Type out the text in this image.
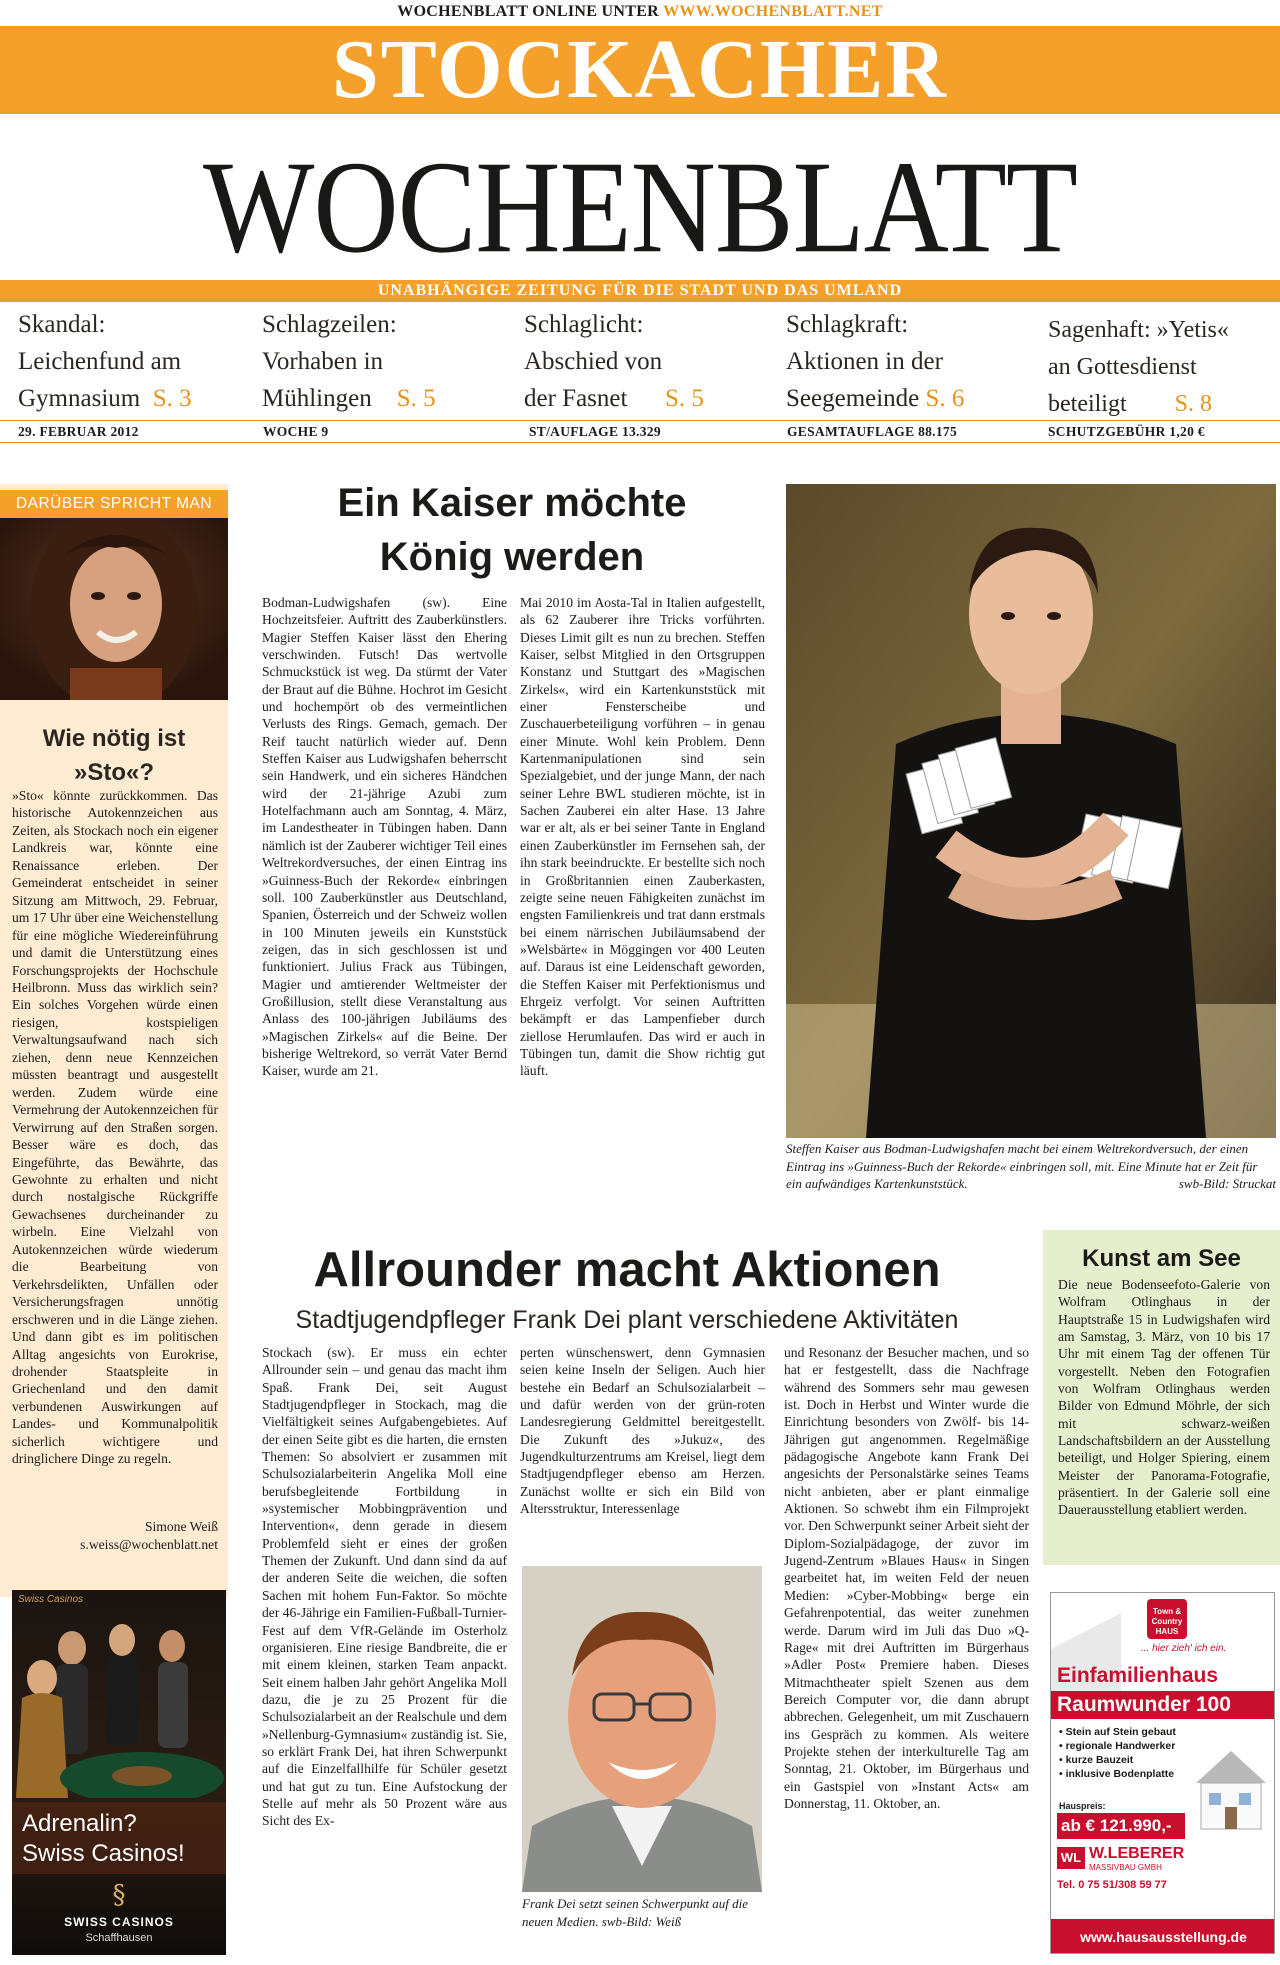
WOCHENBLATT ONLINE UNTER WWW.WOCHENBLATT.NET
STOCKACHER
WOCHENBLATT
UNABHÄNGIGE ZEITUNG FÜR DIE STADT UND DAS UMLAND
Skandal:
Leichenfund am
Gymnasium S. 3
Schlagzeilen:
Vorhaben in
Mühlingen S. 5
Schlaglicht:
Abschied von
der Fasnet S. 5
Schlagkraft:
Aktionen in der
Seegemeinde S. 6
Sagenhaft: »Yetis«
an Gottesdienst
beteiligt S. 8
29. FEBRUAR 2012	WOCHE 9	ST/AUFLAGE 13.329	GESAMTAUFLAGE 88.175	SCHUTZGEBÜHR 1,20 €
DARÜBER SPRICHT MAN
Wie nötig ist
»Sto«?
»Sto« könnte zurückkommen. Das historische Autokennzeichen aus Zeiten, als Stockach noch ein eigener Landkreis war, könnte eine Renaissance erleben. Der Gemeinderat entscheidet in seiner Sitzung am Mittwoch, 29. Februar, um 17 Uhr über eine Weichenstellung für eine mögliche Wiedereinführung und damit die Unterstützung eines Forschungsprojekts der Hochschule Heilbronn. Muss das wirklich sein? Ein solches Vorgehen würde einen riesigen, kostspieligen Verwaltungsaufwand nach sich ziehen, denn neue Kennzeichen müssten beantragt und ausgestellt werden. Zudem würde eine Vermehrung der Autokennzeichen für Verwirrung auf den Straßen sorgen. Besser wäre es doch, das Eingeführte, das Bewährte, das Gewohnte zu erhalten und nicht durch nostalgische Rückgriffe Gewachsenes durcheinander zu wirbeln. Eine Vielzahl von Autokennzeichen würde wiederum die Bearbeitung von Verkehrsdelikten, Unfällen oder Versicherungsfragen unnötig erschweren und in die Länge ziehen. Und dann gibt es im politischen Alltag angesichts von Eurokrise, drohender Staatspleite in Griechenland und den damit verbundenen Auswirkungen auf Landes- und Kommunalpolitik sicherlich wichtigere und dringlichere Dinge zu regeln.
Simone Weiß
s.weiss@wochenblatt.net
Swiss Casinos
Adrenalin?
Swiss Casinos!
§
SWISS CASINOS
Schaffhausen
Ein Kaiser möchte
König werden
Bodman-Ludwigshafen (sw). Eine Hochzeitsfeier. Auftritt des Zauberkünstlers. Magier Steffen Kaiser lässt den Ehering verschwinden. Futsch! Das wertvolle Schmuckstück ist weg. Da stürmt der Vater der Braut auf die Bühne. Hochrot im Gesicht und hochempört ob des vermeintlichen Verlusts des Rings. Gemach, gemach. Der Reif taucht natürlich wieder auf. Denn Steffen Kaiser aus Ludwigshafen beherrscht sein Handwerk, und ein sicheres Händchen wird der 21-jährige Azubi zum Hotelfachmann auch am Sonntag, 4. März, im Landestheater in Tübingen haben. Dann nämlich ist der Zauberer wichtiger Teil eines Weltrekordversuches, der einen Eintrag ins »Guinness-Buch der Rekorde« einbringen soll. 100 Zauberkünstler aus Deutschland, Spanien, Österreich und der Schweiz wollen in 100 Minuten jeweils ein Kunststück zeigen, das in sich geschlossen ist und funktioniert. Julius Frack aus Tübingen, Magier und amtierender Weltmeister der Großillusion, stellt diese Veranstaltung aus Anlass des 100-jährigen Jubiläums des »Magischen Zirkels« auf die Beine. Der bisherige Weltrekord, so verrät Vater Bernd Kaiser, wurde am 21.
Mai 2010 im Aosta-Tal in Italien aufgestellt, als 62 Zauberer ihre Tricks vorführten. Dieses Limit gilt es nun zu brechen. Steffen Kaiser, selbst Mitglied in den Ortsgruppen Konstanz und Stuttgart des »Magischen Zirkels«, wird ein Kartenkunststück mit einer Fensterscheibe und Zuschauerbeteiligung vorführen – in genau einer Minute. Wohl kein Problem. Denn Kartenmanipulationen sind sein Spezialgebiet, und der junge Mann, der nach seiner Lehre BWL studieren möchte, ist in Sachen Zauberei ein alter Hase. 13 Jahre war er alt, als er bei seiner Tante in England einen Zauberkünstler im Fernsehen sah, der ihn stark beeindruckte. Er bestellte sich noch in Großbritannien einen Zauberkasten, zeigte seine neuen Fähigkeiten zunächst im engsten Familienkreis und trat dann erstmals bei einem närrischen Jubiläumsabend der »Welsbärte« in Möggingen vor 400 Leuten auf. Daraus ist eine Leidenschaft geworden, die Steffen Kaiser mit Perfektionismus und Ehrgeiz verfolgt. Vor seinen Auftritten bekämpft er das Lampenfieber durch ziellose Herumlaufen. Das wird er auch in Tübingen tun, damit die Show richtig gut läuft.
Steffen Kaiser aus Bodman-Ludwigshafen macht bei einem Weltrekordversuch, der einen Eintrag ins »Guinness-Buch der Rekorde« einbringen soll, mit. Eine Minute hat er Zeit für ein aufwändiges Kartenkunststück.	swb-Bild: Struckat
Allrounder macht Aktionen
Stadtjugendpfleger Frank Dei plant verschiedene Aktivitäten
Stockach (sw). Er muss ein echter Allrounder sein – und genau das macht ihm Spaß. Frank Dei, seit August Stadtjugendpfleger in Stockach, mag die Vielfältigkeit seines Aufgabengebietes. Auf der einen Seite gibt es die harten, die ernsten Themen: So absolviert er zusammen mit Schulsozialarbeiterin Angelika Moll eine berufsbegleitende Fortbildung in »systemischer Mobbingprävention und Intervention«, denn gerade in diesem Problemfeld sieht er eines der großen Themen der Zukunft. Und dann sind da auf der anderen Seite die weichen, die soften Sachen mit hohem Fun-Faktor. So möchte der 46-Jährige ein Familien-Fußball-Turnier-Fest auf dem VfR-Gelände im Osterholz organisieren. Eine riesige Bandbreite, die er mit einem kleinen, starken Team anpackt. Seit einem halben Jahr gehört Angelika Moll dazu, die je zu 25 Prozent für die Schulsozialarbeit an der Realschule und dem »Nellenburg-Gymnasium« zuständig ist. Sie, so erklärt Frank Dei, hat ihren Schwerpunkt auf die Einzelfallhilfe für Schüler gesetzt und hat gut zu tun. Eine Aufstockung der Stelle auf mehr als 50 Prozent wäre aus Sicht des Ex-
perten wünschenswert, denn Gymnasien seien keine Inseln der Seligen. Auch hier bestehe ein Bedarf an Schulsozialarbeit – und dafür werden von der grün-roten Landesregierung Geldmittel bereitgestellt. Die Zukunft des »Jukuz«, des Jugendkulturzentrums am Kreisel, liegt dem Stadtjugendpfleger ebenso am Herzen. Zunächst wollte er sich ein Bild von Altersstruktur, Interessenlage
und Resonanz der Besucher machen, und so hat er festgestellt, dass die Nachfrage während des Sommers sehr mau gewesen ist. Doch in Herbst und Winter wurde die Einrichtung besonders von Zwölf- bis 14-Jährigen gut angenommen. Regelmäßige pädagogische Angebote kann Frank Dei angesichts der Personalstärke seines Teams nicht anbieten, aber er plant einmalige Aktionen. So schwebt ihm ein Filmprojekt vor. Den Schwerpunkt seiner Arbeit sieht der Diplom-Sozialpädagoge, der zuvor im Jugend-Zentrum »Blaues Haus« in Singen gearbeitet hat, im weiten Feld der neuen Medien: »Cyber-Mobbing« berge ein Gefahrenpotential, das weiter zunehmen werde. Darum wird im Juli das Duo »Q-Rage« mit drei Auftritten im Bürgerhaus »Adler Post« Premiere haben. Dieses Mitmachtheater spielt Szenen aus dem Bereich Computer vor, die dann abrupt abbrechen. Gelegenheit, um mit Zuschauern ins Gespräch zu kommen. Als weitere Projekte stehen der interkulturelle Tag am Sonntag, 21. Oktober, im Bürgerhaus und ein Gastspiel von »Instant Acts« am Donnerstag, 11. Oktober, an.
Frank Dei setzt seinen Schwerpunkt auf die neuen Medien. swb-Bild: Weiß
Kunst am See
Die neue Bodenseefoto-Galerie von Wolfram Otlinghaus in der Hauptstraße 15 in Ludwigshafen wird am Samstag, 3. März, von 10 bis 17 Uhr mit einem Tag der offenen Tür vorgestellt. Neben den Fotografien von Wolfram Otlinghaus werden Bilder von Edmund Möhrle, der sich mit schwarz-weißen Landschaftsbildern an der Ausstellung beteiligt, und Holger Spiering, einem Meister der Panorama-Fotografie, präsentiert. In der Galerie soll eine Dauerausstellung etabliert werden.
Town & Country HAUS
... hier zieh' ich ein.
Einfamilienhaus
Raumwunder 100
• Stein auf Stein gebaut
• regionale Handwerker
• kurze Bauzeit
• inklusive Bodenplatte
Hauspreis:
ab € 121.990,-
WL W.LEBERER
MASSIVBAU GMBH
Tel. 0 75 51/308 59 77
www.hausausstellung.de
